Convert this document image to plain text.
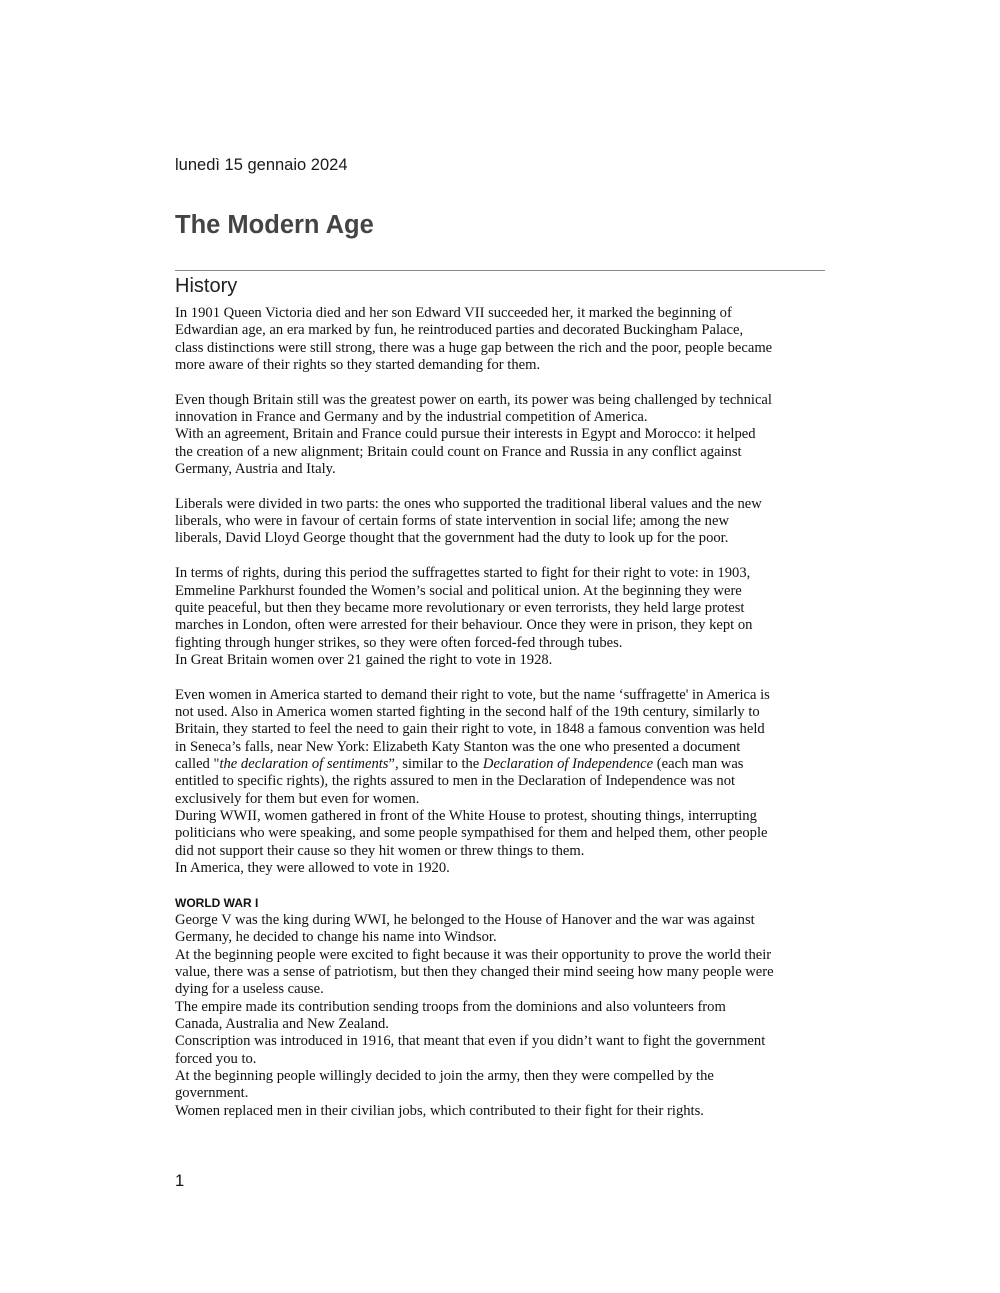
lunedì 15 gennaio 2024
The Modern Age
History

In 1901 Queen Victoria died and her son Edward VII succeeded her, it marked the beginning of
Edwardian age, an era marked by fun, he reintroduced parties and decorated Buckingham Palace,
class distinctions were still strong, there was a huge gap between the rich and the poor, people became
more aware of their rights so they started demanding for them.

Even though Britain still was the greatest power on earth, its power was being challenged by technical
innovation in France and Germany and by the industrial competition of America.
With an agreement, Britain and France could pursue their interests in Egypt and Morocco: it helped
the creation of a new alignment; Britain could count on France and Russia in any conflict against
Germany, Austria and Italy.

Liberals were divided in two parts: the ones who supported the traditional liberal values and the new
liberals, who were in favour of certain forms of state intervention in social life; among the new
liberals, David Lloyd George thought that the government had the duty to look up for the poor.

In terms of rights, during this period the suffragettes started to fight for their right to vote: in 1903,
Emmeline Parkhurst founded the Women’s social and political union. At the beginning they were
quite peaceful, but then they became more revolutionary or even terrorists, they held large protest
marches in London, often were arrested for their behaviour. Once they were in prison, they kept on
fighting through hunger strikes, so they were often forced-fed through tubes.
In Great Britain women over 21 gained the right to vote in 1928.

Even women in America started to demand their right to vote, but the name ‘suffragette' in America is
not used. Also in America women started fighting in the second half of the 19th century, similarly to
Britain, they started to feel the need to gain their right to vote, in 1848 a famous convention was held
in Seneca’s falls, near New York: Elizabeth Katy Stanton was the one who presented a document
called "the declaration of sentiments”, similar to the Declaration of Independence (each man was
entitled to specific rights), the rights assured to men in the Declaration of Independence was not
exclusively for them but even for women.
During WWII, women gathered in front of the White House to protest, shouting things, interrupting
politicians who were speaking, and some people sympathised for them and helped them, other people
did not support their cause so they hit women or threw things to them.
In America, they were allowed to vote in 1920.

WORLD WAR I
George V was the king during WWI, he belonged to the House of Hanover and the war was against
Germany, he decided to change his name into Windsor.
At the beginning people were excited to fight because it was their opportunity to prove the world their
value, there was a sense of patriotism, but then they changed their mind seeing how many people were
dying for a useless cause.
The empire made its contribution sending troops from the dominions and also volunteers from
Canada, Australia and New Zealand.
Conscription was introduced in 1916, that meant that even if you didn’t want to fight the government
forced you to.
At the beginning people willingly decided to join the army, then they were compelled by the
government.
Women replaced men in their civilian jobs, which contributed to their fight for their rights.
1
